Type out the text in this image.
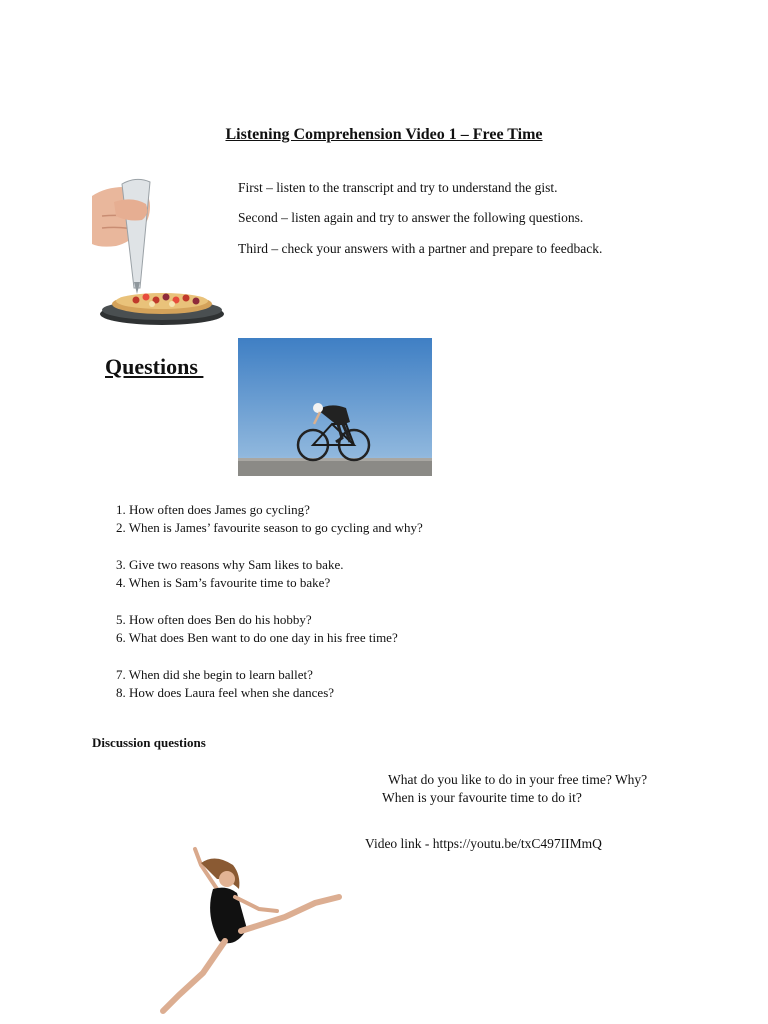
Listening Comprehension Video 1 – Free Time
First – listen to the transcript and try to understand the gist.
Second – listen again and try to answer the following questions.
Third – check your answers with a partner and prepare to feedback.
Questions
1. How often does James go cycling?
2. When is James’ favourite season to go cycling and why?
3. Give two reasons why Sam likes to bake.
4. When is Sam’s favourite time to bake?
5. How often does Ben do his hobby?
6. What does Ben want to do one day in his free time?
7. When did she begin to learn ballet?
8. How does Laura feel when she dances?
Discussion questions
What do you like to do in your free time? Why?
When is your favourite time to do it?
Video link - https://youtu.be/txC497IIMmQ
